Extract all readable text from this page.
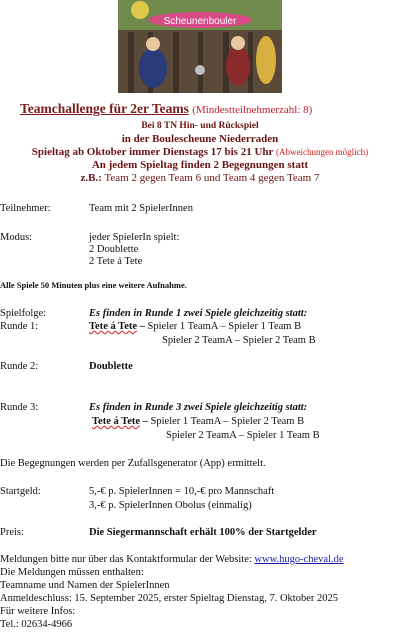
Scheunenbouler
Teamchallenge für 2er Teams (Mindestteilnehmerzahl: 8)
Bei 8 TN Hin- und Rückspiel
in der Boulescheune Niederraden
Spieltag ab Oktober immer Dienstags 17 bis 21 Uhr (Abweichungen möglich)
An jedem Spieltag finden 2 Begegnungen statt
z.B.: Team 2 gegen Team 6 und Team 4 gegen Team 7
Teilnehmer:	Team mit 2 SpielerInnen
Modus:	jeder SpielerIn spielt:
2 Doublette
2 Tete á Tete
Alle Spiele 50 Minuten plus eine weitere Aufnahme.
Spielfolge:	Es finden in Runde 1 zwei Spiele gleichzeitig statt:
Runde 1:	Tete á Tete – Spieler 1 TeamA – Spieler 1 Team B
Spieler 2 TeamA – Spieler 2 Team B
Runde 2:	Doublette
Runde 3:	Es finden in Runde 3 zwei Spiele gleichzeitig statt:
Tete á Tete – Spieler 1 TeamA – Spieler 2 Team B
Spieler 2 TeamA – Spieler 1 Team B
Die Begegnungen werden per Zufallsgenerator (App) ermittelt.
Startgeld:	5,-€ p. SpielerInnen = 10,-€ pro Mannschaft
3,-€ p. SpielerInnen Obolus (einmalig)
Preis:	Die Siegermannschaft erhält 100% der Startgelder
Meldungen bitte nur über das Kontaktformular der Website: www.hugo-cheval.de
Die Meldungen müssen enthalten:
Teamname und Namen der SpielerInnen
Anmeldeschluss: 15. September 2025, erster Spieltag Dienstag, 7. Oktober 2025
Für weitere Infos:
Tel.: 02634-4966
